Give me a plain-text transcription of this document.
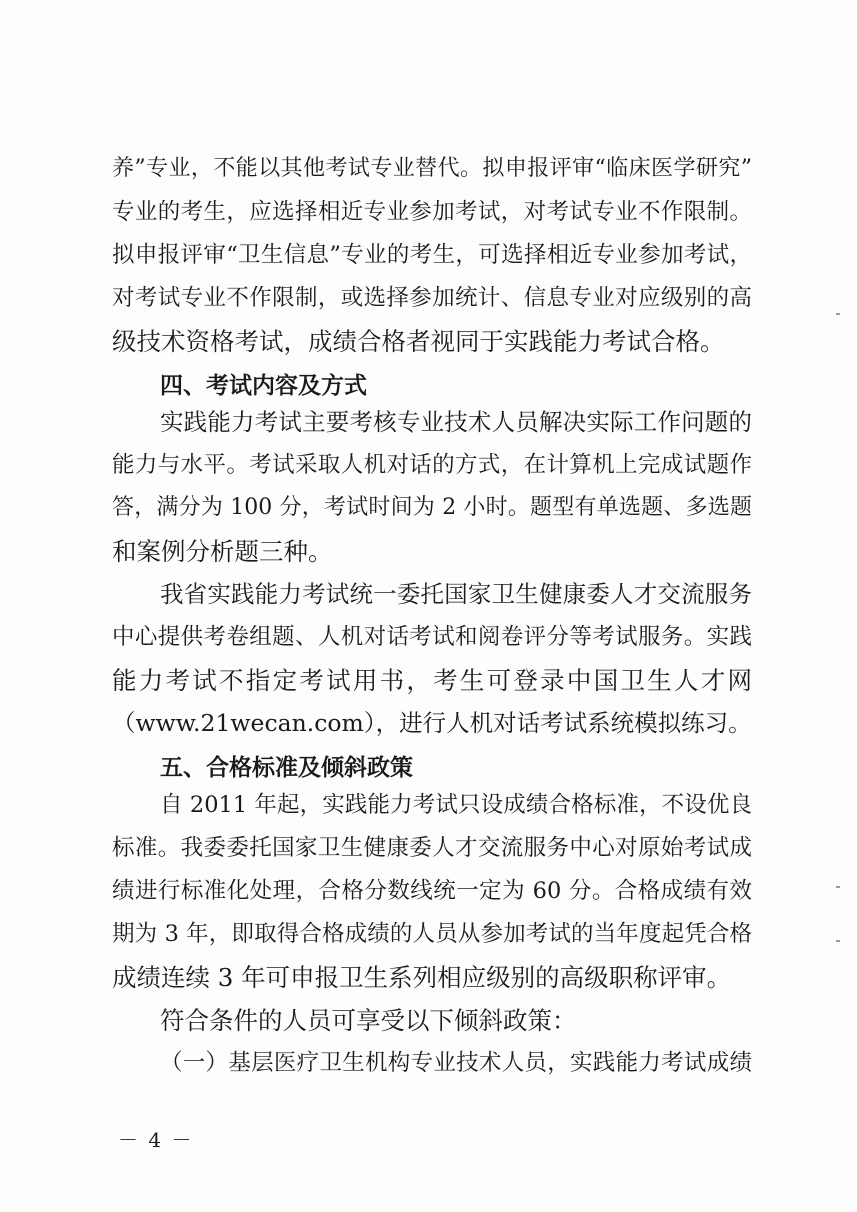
养”专业，不能以其他考试专业替代。拟申报评审“临床医学研究”
专业的考生，应选择相近专业参加考试，对考试专业不作限制。
拟申报评审“卫生信息”专业的考生，可选择相近专业参加考试，
对考试专业不作限制，或选择参加统计、信息专业对应级别的高
级技术资格考试，成绩合格者视同于实践能力考试合格。
四、考试内容及方式
实践能力考试主要考核专业技术人员解决实际工作问题的
能力与水平。考试采取人机对话的方式，在计算机上完成试题作
答，满分为 100 分，考试时间为 2 小时。题型有单选题、多选题
和案例分析题三种。
我省实践能力考试统一委托国家卫生健康委人才交流服务
中心提供考卷组题、人机对话考试和阅卷评分等考试服务。实践
能力考试不指定考试用书，考生可登录中国卫生人才网
（www.21wecan.com），进行人机对话考试系统模拟练习。
五、合格标准及倾斜政策
自 2011 年起，实践能力考试只设成绩合格标准，不设优良
标准。我委委托国家卫生健康委人才交流服务中心对原始考试成
绩进行标准化处理，合格分数线统一定为 60 分。合格成绩有效
期为 3 年，即取得合格成绩的人员从参加考试的当年度起凭合格
成绩连续 3 年可申报卫生系列相应级别的高级职称评审。
符合条件的人员可享受以下倾斜政策：
（一）基层医疗卫生机构专业技术人员，实践能力考试成绩
－ 4 －
